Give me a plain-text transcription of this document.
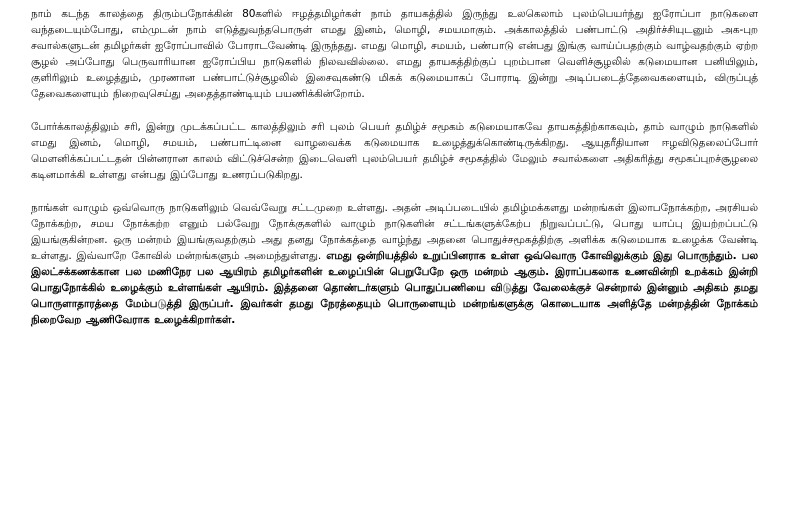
நாம் கடந்த காலத்தை திரும்பநோக்கின் 80களில் ஈழத்தமிழர்கள் நாம் தாயகத்தில் இருந்து உலகெலாம் புலம்பெயர்ந்து ஐரோப்பா நாடுகளை வந்தடையும்போது, எம்முடன் நாம் எடுத்துவந்தபொருள் எமது இனம், மொழி, சமயமாகும். அக்காலத்தில் பண்பாட்டு அதிர்ச்சியுடனும் அக-புற சவால்களுடன் தமிழர்கள் ஐரோப்பாவில் போராடவேண்டி இருந்தது. எமது மொழி, சமயம், பண்பாடு என்பது இங்கு வாய்ப்பதற்கும் வாழ்வதற்கும் ஏற்ற சூழல் அப்போது பெருவாரியான ஐரோப்பிய நாடுகளில் நிலவவில்லை. எமது தாயகத்திற்குப் புறம்பான வெளிச்சூழலில் கடுமையான பனியிலும், குளிரிலும் உழைத்தும், முரணான பண்பாட்டுச்சூழலில் இசைவுகண்டு மிகக் கடுமையாகப் போராடி இன்று அடிப்படைத்தேவைகளையும், விருப்புத் தேவைகளையும் நிறைவுசெய்து அதைத்தாண்டியும் பயணிக்கின்றோம்.

போர்க்காலத்திலும் சரி, இன்று முடக்கப்பட்ட காலத்திலும் சரி புலம் பெயர் தமிழ்ச் சமூகம் கடுமையாகவே தாயகத்திற்காகவும், தாம் வாழும் நாடுகளில் எமது இனம், மொழி, சமயம், பண்பாட்டினை வாழவைக்க கடுமையாக உழைத்துக்கொண்டிருக்கிறது. ஆயுதரீதியான ஈழவிடுதலைப்போர் மௌனிக்கப்பட்டதன் பின்னரான காலம் விட்டுச்சென்ற இடைவெளி புலம்பெயர் தமிழ்ச் சமூகத்தில் மேலும் சவால்களை அதிகரித்து சமூகப்புறச்சூழலை கடினமாக்கி உள்ளது என்பது இப்போது உணரப்படுகிறது.

நாங்கள் வாழும் ஒவ்வொரு நாடுகளிலும் வெவ்வேறு சட்டமுறை உள்ளது. அதன் அடிப்படையில் தமிழ்மக்களது மன்றங்கள் இலாபநோக்கற்ற, அரசியல் நோக்கற்ற, சமய நோக்கற்ற எனும் பல்வேறு நோக்குகளில் வாழும் நாடுகளின் சட்டங்களுக்கேற்ப நிறுவப்பட்டு, பொது யாப்பு இயற்றப்பட்டு இயங்குகின்றன. ஒரு மன்றம் இயங்குவதற்கும் அது தனது நோக்கத்தை வாழ்ந்து அதனை பொதுச்சமூகத்திற்கு அளிக்க கடுமையாக உழைக்க வேண்டி உள்ளது. இவ்வாறே கோவில் மன்றங்களும் அமைந்துள்ளது. எமது ஒன்றியத்தில் உறுப்பினராக உள்ள ஒவ்வொரு கோவிலுக்கும் இது பொருந்தும். பல இலட்சக்கணக்கான பல மணிநேர பல ஆயிரம் தமிழர்களின் உழைப்பின் பெறுபேறே ஒரு மன்றம் ஆகும். இராப்பகலாக உணவின்றி உறக்கம் இன்றி பொதுநோக்கில் உழைக்கும் உள்ளங்கள் ஆயிரம். இத்தனை தொண்டர்களும் பொதுப்பணியை விடுத்து வேலைக்குச் சென்றால் இன்னும் அதிகம் தமது பொருளாதாரத்தை மேம்படுத்தி இருப்பர். இவர்கள் தமது நேரத்தையும் பொருளையும் மன்றங்களுக்கு கொடையாக அளித்தே மன்றத்தின் நோக்கம் நிறைவேற ஆணிவேராக உழைக்கிறார்கள்.
